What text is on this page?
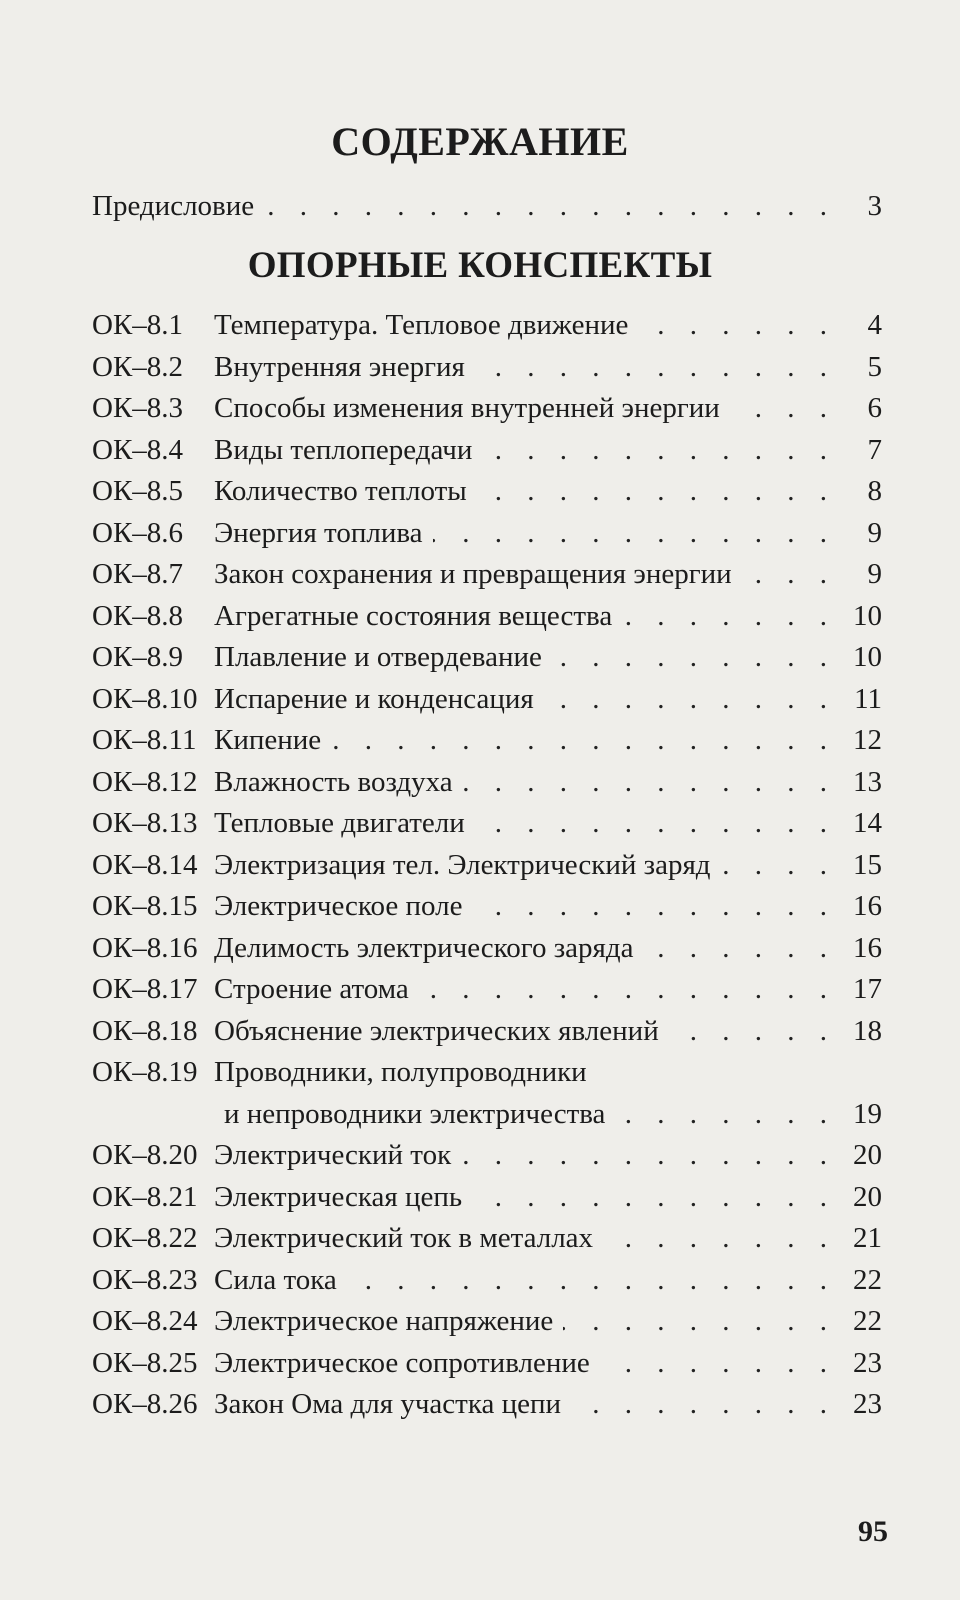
СОДЕРЖАНИЕ
Предисловие . . .	3
ОПОРНЫЕ КОНСПЕКТЫ
ОК–8.1	Температура. Тепловое движение . . .	4
ОК–8.2	Внутренняя энергия . . .	5
ОК–8.3	Способы изменения внутренней энергии . . .	6
ОК–8.4	Виды теплопередачи . . .	7
ОК–8.5	Количество теплоты . . .	8
ОК–8.6	Энергия топлива . . .	9
ОК–8.7	Закон сохранения и превращения энергии . . .	9
ОК–8.8	Агрегатные состояния вещества . . .	10
ОК–8.9	Плавление и отвердевание . . .	10
ОК–8.10 Испарение и конденсация . . .	11
ОК–8.11 Кипение . . .	12
ОК–8.12 Влажность воздуха . . .	13
ОК–8.13 Тепловые двигатели . . .	14
ОК–8.14 Электризация тел. Электрический заряд . . .	15
ОК–8.15 Электрическое поле . . .	16
ОК–8.16 Делимость электрического заряда . . .	16
ОК–8.17 Строение атома . . .	17
ОК–8.18 Объяснение электрических явлений . . .	18
ОК–8.19 Проводники, полупроводники
и непроводники электричества . . .	19
ОК–8.20 Электрический ток . . .	20
ОК–8.21 Электрическая цепь . . .	20
ОК–8.22 Электрический ток в металлах . . .	21
ОК–8.23 Сила тока . . .	22
ОК–8.24 Электрическое напряжение . . .	22
ОК–8.25 Электрическое сопротивление . . .	23
ОК–8.26 Закон Ома для участка цепи . . .	23
95
